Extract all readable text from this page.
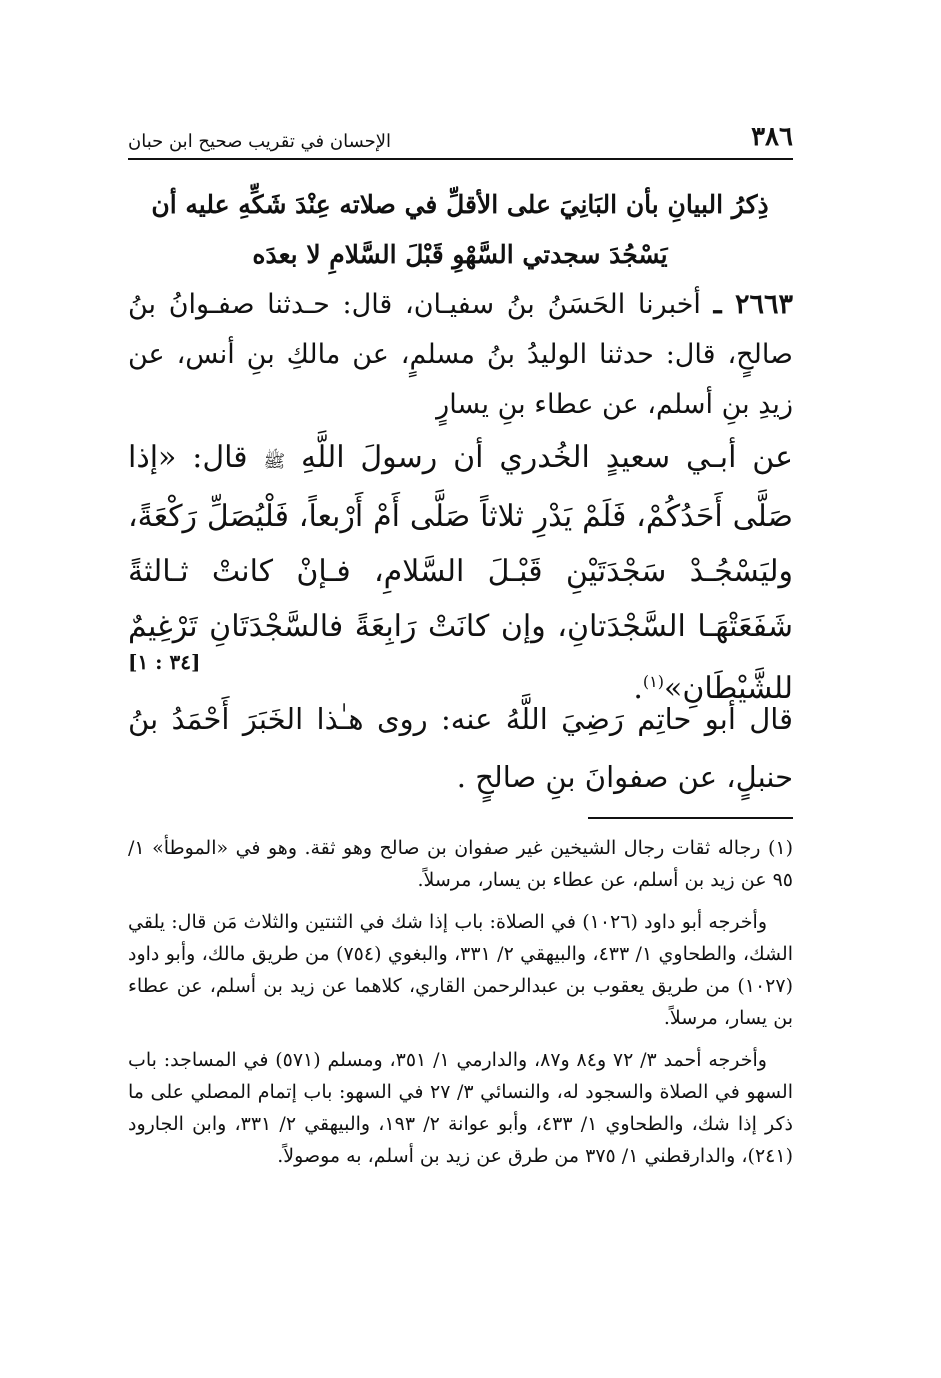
٣٨٦
الإحسان في تقريب صحيح ابن حبان
ذِكرُ البيانِ بأن البَانِيَ على الأقلِّ في صلاته عِنْدَ شَكِّهِ عليه أن يَسْجُدَ سجدتي السَّهْوِ قَبْلَ السَّلامِ لا بعدَه
٢٦٦٣ ـ أخبرنا الحَسَنُ بنُ سفيـان، قال: حـدثنا صفـوانُ بنُ صالحٍ، قال: حدثنا الوليدُ بنُ مسلمٍ، عن مالكِ بنِ أنس، عن زيدِ بنِ أسلم، عن عطاء بنِ يسارٍ
عن أبـي سعيدٍ الخُدري أن رسولَ اللَّهِ ﷺ قال: «إذا صَلَّى أَحَدُكُمْ، فَلَمْ يَدْرِ ثلاثاً صَلَّى أَمْ أَرْبعاً، فَلْيُصَلِّ رَكْعَةً، وليَسْجُـدْ سَجْدَتَيْنِ قَبْـلَ السَّلامِ، فـإنْ كانتْ ثـالثةً شَفَعَتْهَـا السَّجْدَتانِ، وإن كانَتْ رَابِعَةً فالسَّجْدَتَانِ تَرْغِيمٌ للشَّيْطَانِ»$^{(١)}$.
[٣٤ : ١]
قال أبو حاتِم رَضِيَ اللَّهُ عنه: روى هـٰذا الخَبَرَ أَحْمَدُ بنُ حنبلٍ، عن صفوانَ بنِ صالحٍ .

(١) رجاله ثقات رجال الشيخين غير صفوان بن صالح وهو ثقة. وهو في «الموطأ» ١/ ٩٥ عن زيد بن أسلم، عن عطاء بن يسار، مرسلاً.

وأخرجه أبو داود (١٠٢٦) في الصلاة: باب إذا شك في الثنتين والثلاث مَن قال: يلقي الشك، والطحاوي ١/ ٤٣٣، والبيهقي ٢/ ٣٣١، والبغوي (٧٥٤) من طريق مالك، وأبو داود (١٠٢٧) من طريق يعقوب بن عبدالرحمن القاري، كلاهما عن زيد بن أسلم، عن عطاء بن يسار، مرسلاً.

وأخرجه أحمد ٣/ ٧٢ و٨٤ و٨٧، والدارمي ١/ ٣٥١، ومسلم (٥٧١) في المساجد: باب السهو في الصلاة والسجود له، والنسائي ٣/ ٢٧ في السهو: باب إتمام المصلي على ما ذكر إذا شك، والطحاوي ١/ ٤٣٣، وأبو عوانة ٢/ ١٩٣، والبيهقي ٢/ ٣٣١، وابن الجارود (٢٤١)، والدارقطني ١/ ٣٧٥ من طرق عن زيد بن أسلم، به موصولاً.
